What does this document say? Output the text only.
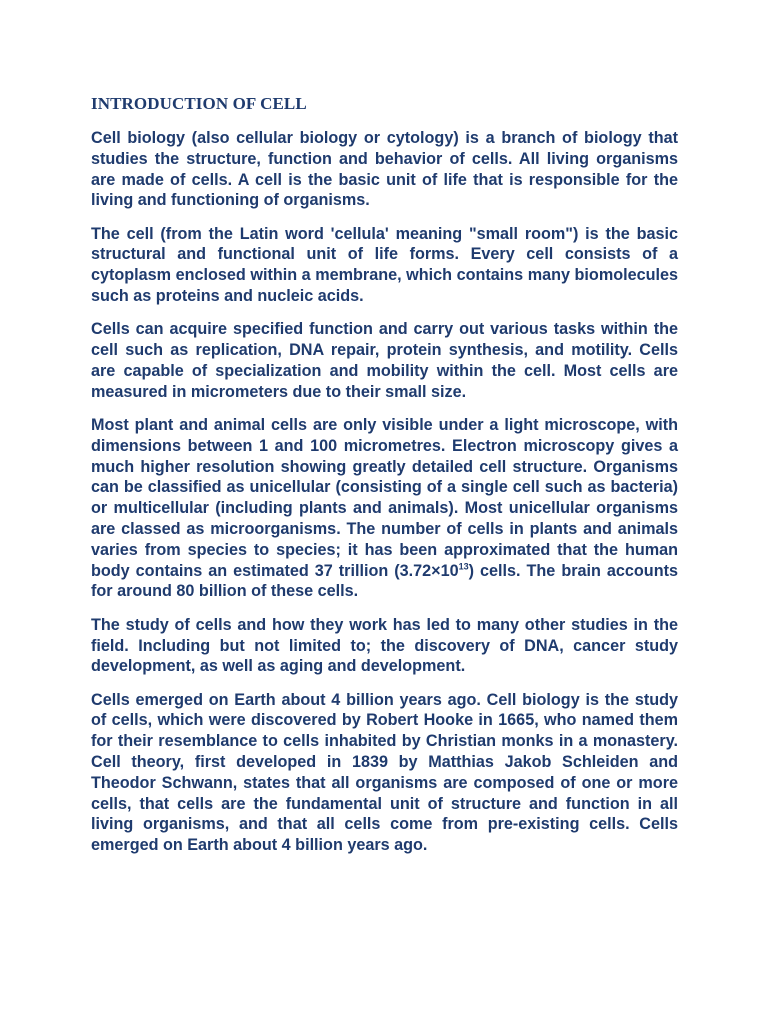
INTRODUCTION OF CELL

Cell biology (also cellular biology or cytology) is a branch of biology that studies the structure, function and behavior of cells. All living organisms are made of cells. A cell is the basic unit of life that is responsible for the living and functioning of organisms.

The cell (from the Latin word 'cellula' meaning "small room") is the basic structural and functional unit of life forms. Every cell consists of a cytoplasm enclosed within a membrane, which contains many biomolecules such as proteins and nucleic acids.

Cells can acquire specified function and carry out various tasks within the cell such as replication, DNA repair, protein synthesis, and motility. Cells are capable of specialization and mobility within the cell. Most cells are measured in micrometers due to their small size.

Most plant and animal cells are only visible under a light microscope, with dimensions between 1 and 100 micrometres. Electron microscopy gives a much higher resolution showing greatly detailed cell structure. Organisms can be classified as unicellular (consisting of a single cell such as bacteria) or multicellular (including plants and animals). Most unicellular organisms are classed as microorganisms. The number of cells in plants and animals varies from species to species; it has been approximated that the human body contains an estimated 37 trillion $(3.72\times 10^{13})$ cells. The brain accounts for around 80 billion of these cells.

The study of cells and how they work has led to many other studies in the field. Including but not limited to; the discovery of DNA, cancer study development, as well as aging and development.

Cells emerged on Earth about 4 billion years ago. Cell biology is the study of cells, which were discovered by Robert Hooke in 1665, who named them for their resemblance to cells inhabited by Christian monks in a monastery. Cell theory, first developed in 1839 by Matthias Jakob Schleiden and Theodor Schwann, states that all organisms are composed of one or more cells, that cells are the fundamental unit of structure and function in all living organisms, and that all cells come from pre-existing cells. Cells emerged on Earth about 4 billion years ago.
